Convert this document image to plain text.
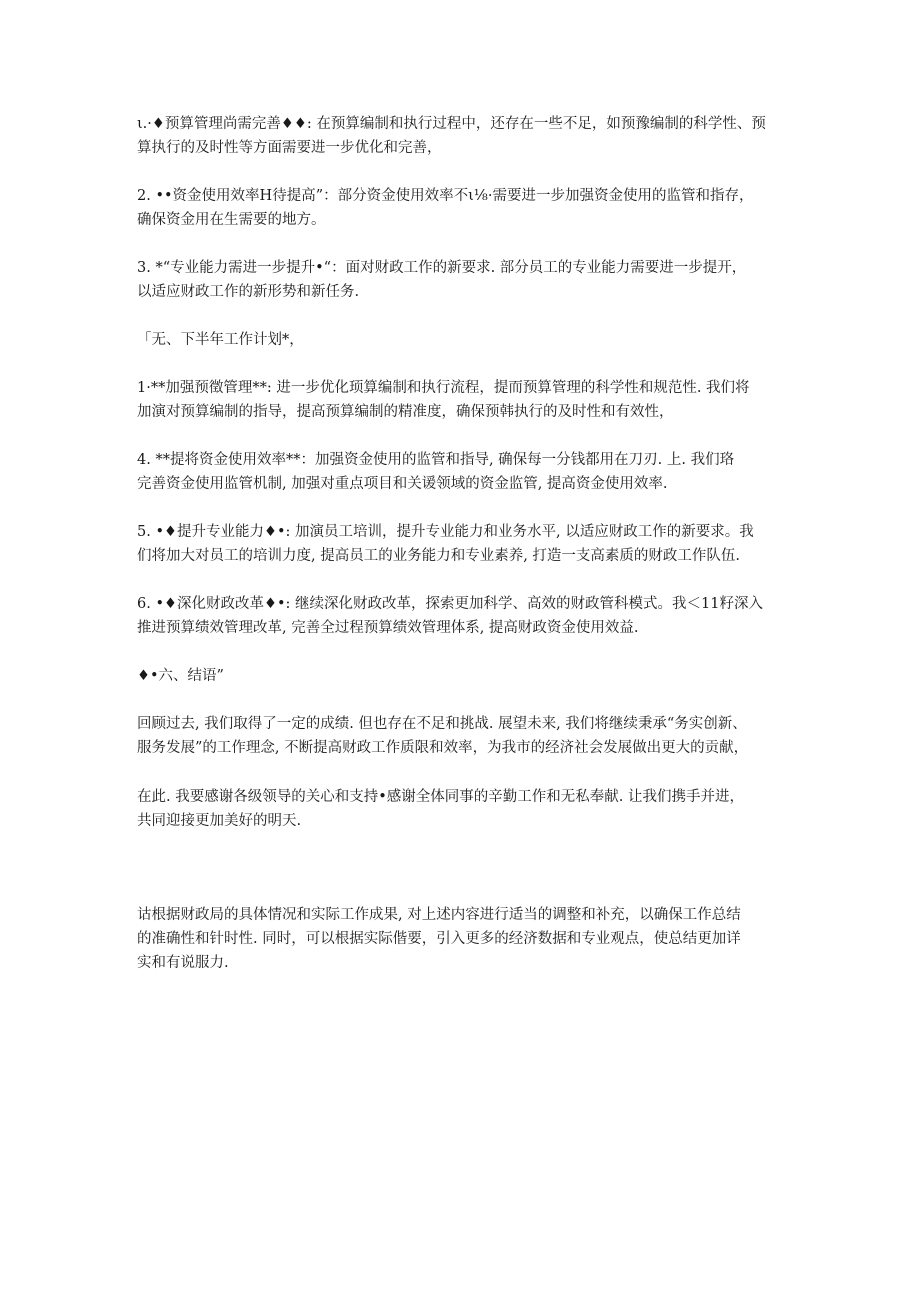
ι.·♦预算管理尚需完善♦♦: 在预算编制和执行过程中，还存在一些不足，如预豫编制的科学性、预
算执行的及时性等方面需要进一步优化和完善，

2. ••资金使用效率H待提高”：部分资金使用效率不ι⅛·需要进一步加强资金使用的监管和指存，
确保资金用在生需要的地方。

3. *“专业能力需进一步提升•“：面对财政工作的新要求. 部分员工的专业能力需要进一步提开，
以适应财政工作的新形势和新任务.

「无、下半年工作计划*，

1·**加强预徵管理**: 进一步优化顼算编制和执行流程，提而预算管理的科学性和规范性. 我们将
加演对预算编制的指导，提高预算编制的精准度，确保预韩执行的及时性和有效性，

4. **提将资金使用效率**：加强资金使用的监管和指导, 确保每一分钱都用在刀刃. 上. 我们珞
完善资金使用监管机制, 加强对重点项目和关谖领域的资金监管, 提高资金使用效率.

5. •♦提升专业能力♦•: 加演员工培训，提升专业能力和业务水平, 以适应财政工作的新要求。我
们将加大对员工的培训力度, 提高员工的业务能力和专业素养, 打造一支高素质的财政工作队伍.

6. •♦深化财政改革♦•: 继续深化财政改革，探索更加科学、高效的财政管科模式。我＜11籽深入
推进预算绩效管理改革, 完善全过程预算绩效管理体系, 提高财政资金使用效益.

♦•六、结语”

回顾过去, 我们取得了一定的成绩. 但也存在不足和挑战. 展望未来, 我们将继续秉承“务实创新、
服务发展”的工作理念, 不断提高财政工作质限和效率，为我市的经济社会发展做出更大的贡献，

在此. 我要感谢各级领导的关心和支持•感谢全体同事的辛勤工作和无私奉献. 让我们携手并进，
共同迎接更加美好的明天.

诂根据财政局的具体情况和实际工作成果, 对上述内容进行适当的调整和补充，以确保工作总结
的准确性和针时性. 同时，可以根据实际偕要，引入更多的经济数据和专业观点，使总结更加详
实和有说服力.
